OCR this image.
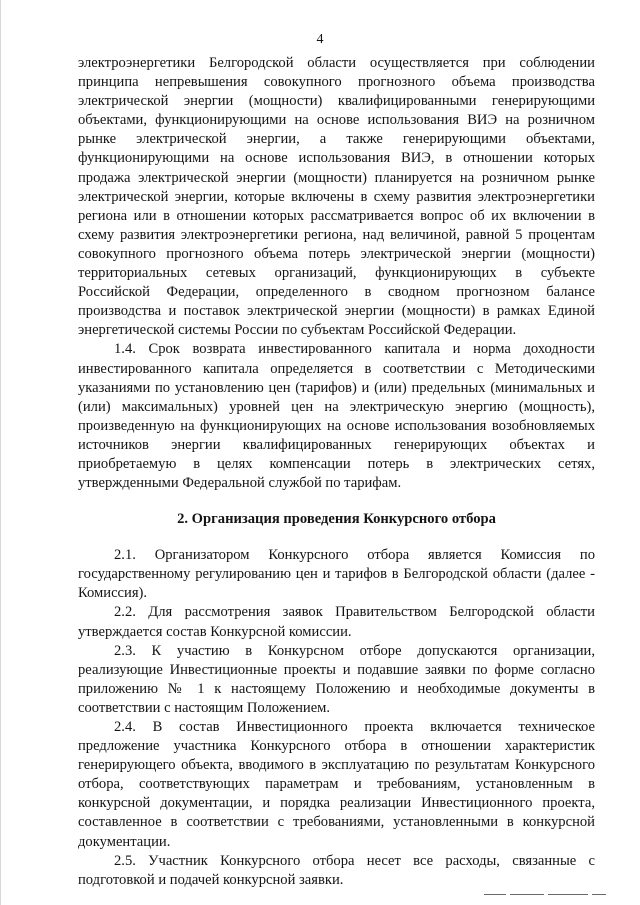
4

электроэнергетики Белгородской области осуществляется при соблюдении принципа непревышения совокупного прогнозного объема производства электрической энергии (мощности) квалифицированными генерирующими объектами, функционирующими на основе использования ВИЭ на розничном рынке электрической энергии, а также генерирующими объектами, функционирующими на основе использования ВИЭ, в отношении которых продажа электрической энергии (мощности) планируется на розничном рынке электрической энергии, которые включены в схему развития электроэнергетики региона или в отношении которых рассматривается вопрос об их включении в схему развития электроэнергетики региона, над величиной, равной 5 процентам совокупного прогнозного объема потерь электрической энергии (мощности) территориальных сетевых организаций, функционирующих в субъекте Российской Федерации, определенного в сводном прогнозном балансе производства и поставок электрической энергии (мощности) в рамках Единой энергетической системы России по субъектам Российской Федерации.

1.4. Срок возврата инвестированного капитала и норма доходности инвестированного капитала определяется в соответствии с Методическими указаниями по установлению цен (тарифов) и (или) предельных (минимальных и (или) максимальных) уровней цен на электрическую энергию (мощность), произведенную на функционирующих на основе использования возобновляемых источников энергии квалифицированных генерирующих объектах и приобретаемую в целях компенсации потерь в электрических сетях, утвержденными Федеральной службой по тарифам.

2. Организация проведения Конкурсного отбора

2.1. Организатором Конкурсного отбора является Комиссия по государственному регулированию цен и тарифов в Белгородской области (далее - Комиссия).

2.2. Для рассмотрения заявок Правительством Белгородской области утверждается состав Конкурсной комиссии.

2.3. К участию в Конкурсном отборе допускаются организации, реализующие Инвестиционные проекты и подавшие заявки по форме согласно приложению № 1 к настоящему Положению и необходимые документы в соответствии с настоящим Положением.

2.4. В состав Инвестиционного проекта включается техническое предложение участника Конкурсного отбора в отношении характеристик генерирующего объекта, вводимого в эксплуатацию по результатам Конкурсного отбора, соответствующих параметрам и требованиям, установленным в конкурсной документации, и порядка реализации Инвестиционного проекта, составленное в соответствии с требованиями, установленными в конкурсной документации.

2.5. Участник Конкурсного отбора несет все расходы, связанные с подготовкой и подачей конкурсной заявки.
